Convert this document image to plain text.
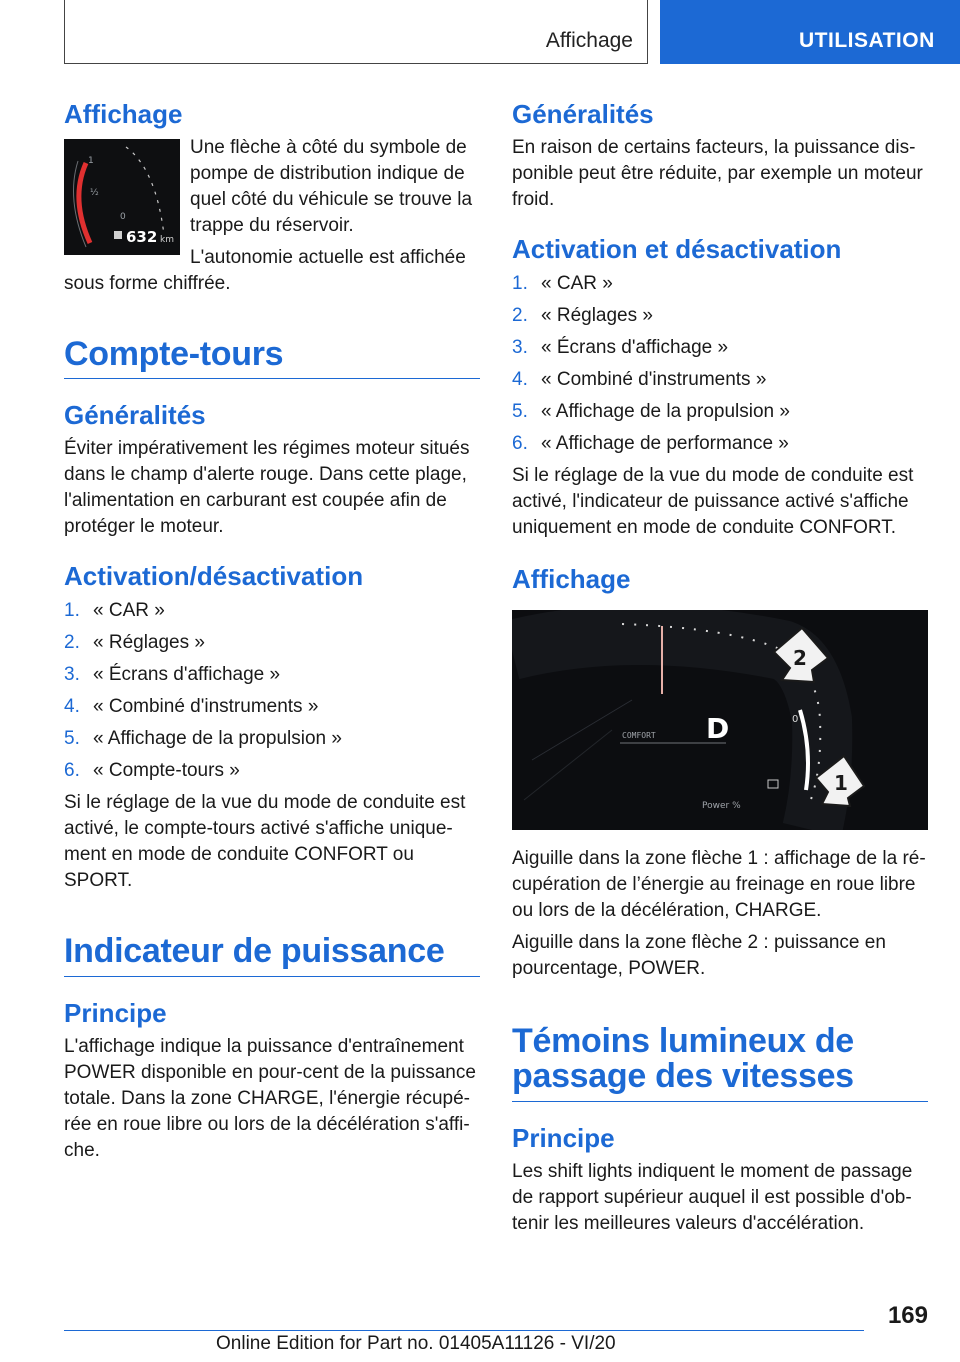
Affichage	UTILISATION
Affichage
1
½
0
632 km

Une flèche à côté du symbole de pompe de distribution indique de quel côté du véhicule se trouve la trappe du réservoir.

L'autonomie actuelle est affichée sous forme chiffrée.

Compte-tours
Généralités

Éviter impérativement les régimes moteur situés dans le champ d'alerte rouge. Dans cette plage, l'alimentation en carburant est coupée afin de protéger le moteur.

Activation/désactivation
1. « CAR »
2. « Réglages »
3. « Écrans d'affichage »
4. « Combiné d'instruments »
5. « Affichage de la propulsion »
6. « Compte-tours »

Si le réglage de la vue du mode de conduite est activé, le compte-tours activé s'affiche unique-ment en mode de conduite CONFORT ou SPORT.

Indicateur de puissance
Principe

L'affichage indique la puissance d'entraînement POWER disponible en pour-cent de la puissance totale. Dans la zone CHARGE, l'énergie récupé-rée en roue libre ou lors de la décélération s'affi-che.

Généralités

En raison de certains facteurs, la puissance dis-ponible peut être réduite, par exemple un moteur froid.

Activation et désactivation
1. « CAR »
2. « Réglages »
3. « Écrans d'affichage »
4. « Combiné d'instruments »
5. « Affichage de la propulsion »
6. « Affichage de performance »

Si le réglage de la vue du mode de conduite est activé, l'indicateur de puissance activé s'affiche uniquement en mode de conduite CONFORT.

Affichage
COMFORT D
Power %
0
2
1

Aiguille dans la zone flèche 1 : affichage de la ré-cupération de l’énergie au freinage en roue libre ou lors de la décélération, CHARGE.

Aiguille dans la zone flèche 2 : puissance en pourcentage, POWER.

Témoins lumineux de passage des vitesses
Principe

Les shift lights indiquent le moment de passage de rapport supérieur auquel il est possible d'ob-tenir les meilleures valeurs d'accélération.

169
Online Edition for Part no. 01405A11126 - VI/20
